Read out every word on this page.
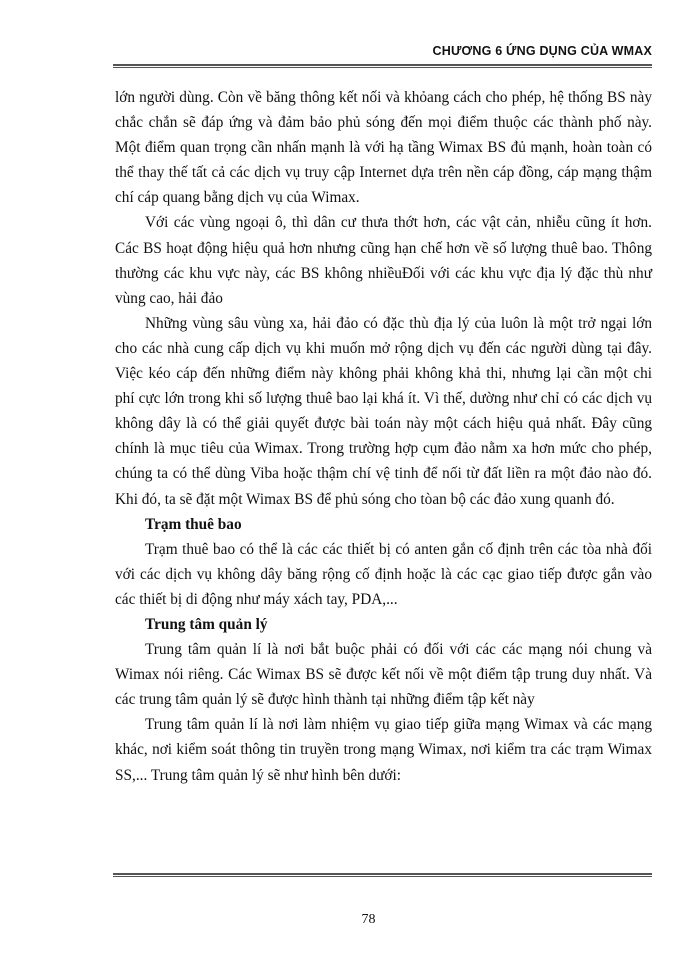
CHƯƠNG 6 ỨNG DỤNG CỦA WMAX
lớn người dùng. Còn về băng thông kết nối và khỏang cách cho phép, hệ thống BS này
chắc chắn sẽ đáp ứng và đảm bảo phủ sóng đến mọi điểm thuộc các thành phố này.
Một điểm quan trọng cần nhấn mạnh là với hạ tầng Wimax BS đủ mạnh, hoàn toàn có
thể thay thế tất cả các dịch vụ truy cập Internet dựa trên nền cáp đồng, cáp mạng thậm
chí cáp quang bằng dịch vụ của Wimax.
Với các vùng ngoại ô, thì dân cư thưa thớt hơn, các vật cản, nhiễu cũng ít hơn.
Các BS hoạt động hiệu quả hơn nhưng cũng hạn chế hơn về số lượng thuê bao. Thông
thường các khu vực này, các BS không nhiềuĐối với các khu vực địa lý đặc thù như
vùng cao, hải đảo
Những vùng sâu vùng xa, hải đảo có đặc thù địa lý của luôn là một trở ngại lớn
cho các nhà cung cấp dịch vụ khi muốn mở rộng dịch vụ đến các người dùng tại đây.
Việc kéo cáp đến những điểm này không phải không khả thi, nhưng lại cần một chi
phí cực lớn trong khi số lượng thuê bao lại khá ít. Vì thế, dường như chỉ có các dịch vụ
không dây là có thể giải quyết được bài toán này một cách hiệu quả nhất. Đây cũng
chính là mục tiêu của Wimax. Trong trường hợp cụm đảo nằm xa hơn mức cho phép,
chúng ta có thể dùng Viba hoặc thậm chí vệ tinh để nối từ đất liền ra một đảo nào đó.
Khi đó, ta sẽ đặt một Wimax BS để phủ sóng cho tòan bộ các đảo xung quanh đó.
Trạm thuê bao
Trạm thuê bao có thể là các các thiết bị có anten gắn cố định trên các tòa nhà đối
với các dịch vụ không dây băng rộng cố định hoặc là các cạc giao tiếp được gắn vào
các thiết bị di động như máy xách tay, PDA,...
Trung tâm quản lý
Trung tâm quản lí là nơi bắt buộc phải có đối với các các mạng nói chung và
Wimax nói riêng. Các Wimax BS sẽ được kết nối về một điểm tập trung duy nhất. Và
các trung tâm quản lý sẽ được hình thành tại những điểm tập kết này
Trung tâm quản lí là nơi làm nhiệm vụ giao tiếp giữa mạng Wimax và các mạng
khác, nơi kiểm soát thông tin truyền trong mạng Wimax, nơi kiểm tra các trạm Wimax
SS,... Trung tâm quản lý sẽ như hình bên dưới:
78
